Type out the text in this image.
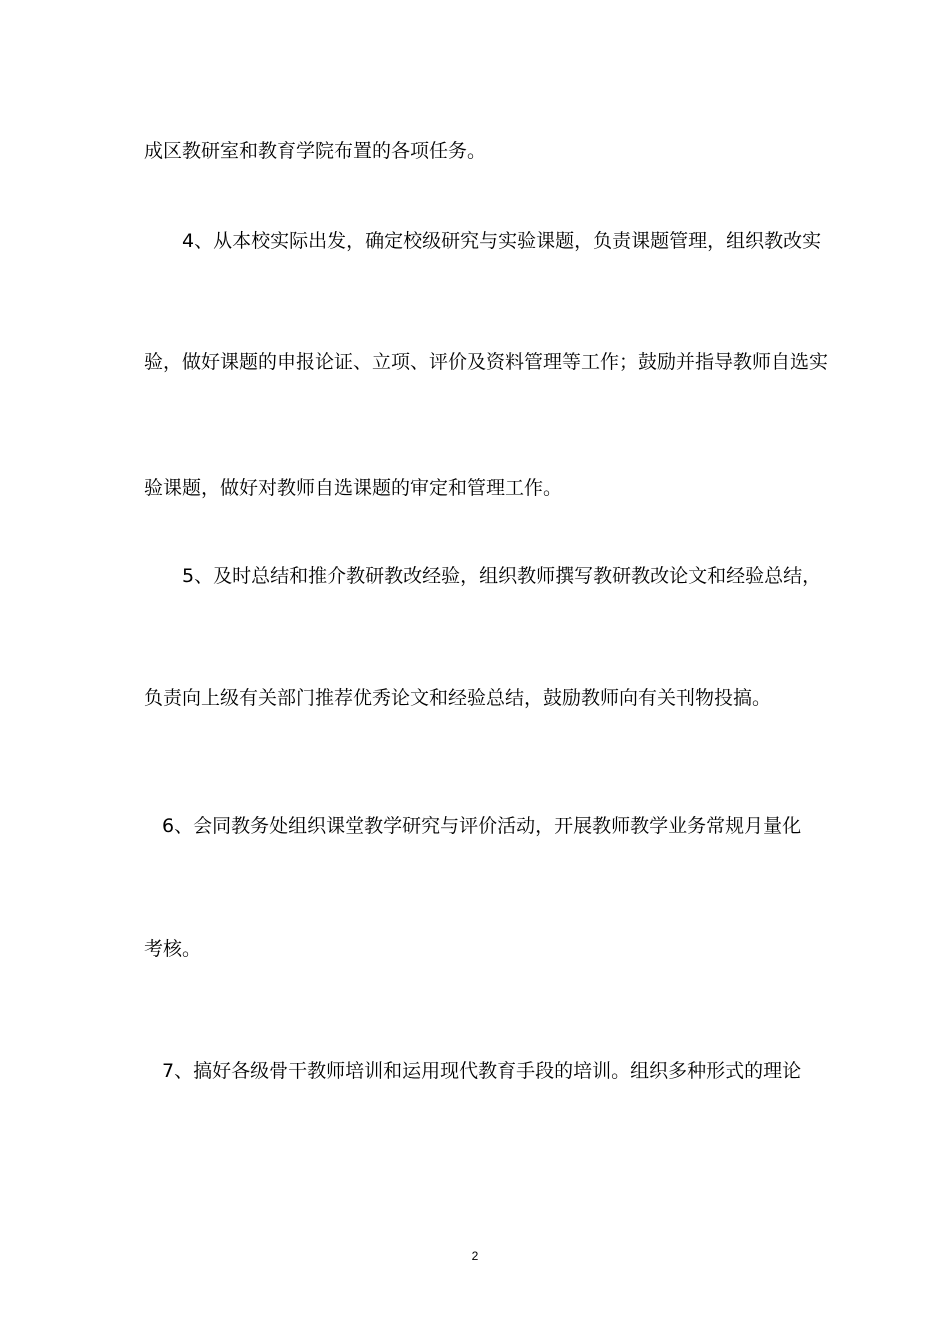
成区教研室和教育学院布置的各项任务。
4、从本校实际出发，确定校级研究与实验课题，负责课题管理，组织教改实
验，做好课题的申报论证、立项、评价及资料管理等工作；鼓励并指导教师自选实
验课题，做好对教师自选课题的审定和管理工作。
5、及时总结和推介教研教改经验，组织教师撰写教研教改论文和经验总结，
负责向上级有关部门推荐优秀论文和经验总结，鼓励教师向有关刊物投搞。
6、会同教务处组织课堂教学研究与评价活动，开展教师教学业务常规月量化
考核。
7、搞好各级骨干教师培训和运用现代教育手段的培训。组织多种形式的理论
2
